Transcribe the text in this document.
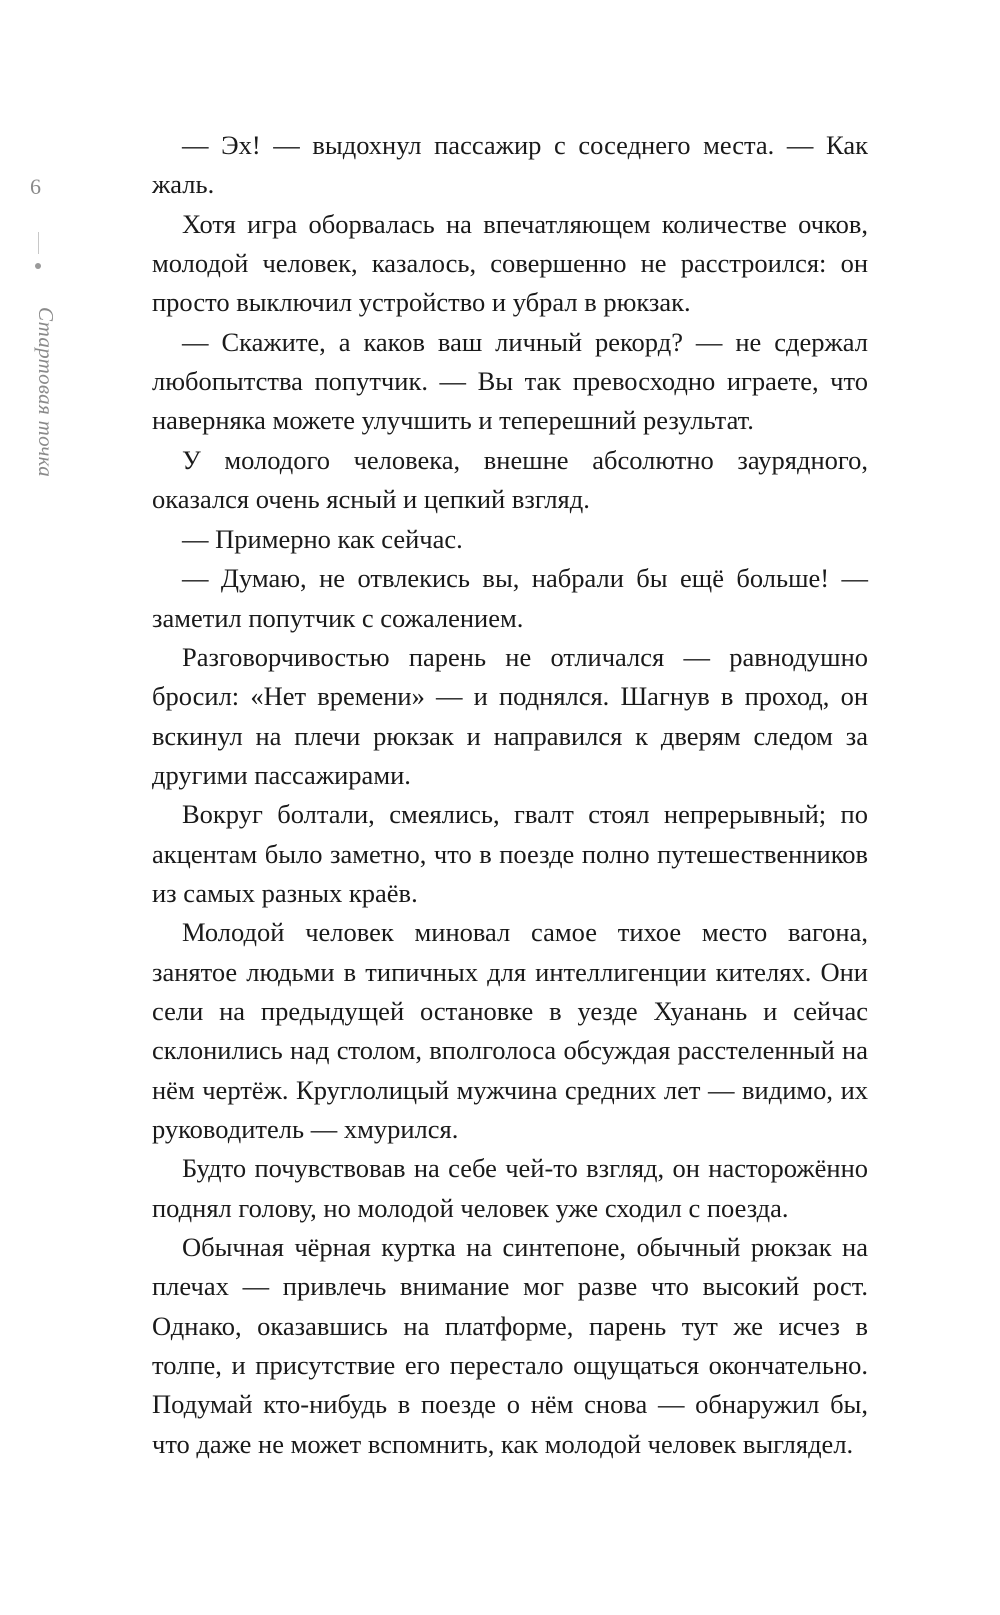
6
Стартовая точка

— Эх! — выдохнул пассажир с соседнего места. — Как жаль.

Хотя игра оборвалась на впечатляющем количестве очков, молодой человек, казалось, совершенно не расстроился: он просто выключил устройство и убрал в рюкзак.

— Скажите, а каков ваш личный рекорд? — не сдержал любопытства попутчик. — Вы так превосходно играете, что наверняка можете улучшить и теперешний результат.

У молодого человека, внешне абсолютно заурядного, оказался очень ясный и цепкий взгляд.

— Примерно как сейчас.

— Думаю, не отвлекись вы, набрали бы ещё больше! — заметил попутчик с сожалением.

Разговорчивостью парень не отличался — равнодушно бросил: «Нет времени» — и поднялся. Шагнув в проход, он вскинул на плечи рюкзак и направился к дверям следом за другими пассажирами.

Вокруг болтали, смеялись, гвалт стоял непрерывный; по акцентам было заметно, что в поезде полно путешественников из самых разных краёв.

Молодой человек миновал самое тихое место вагона, занятое людьми в типичных для интеллигенции кителях. Они сели на предыдущей остановке в уезде Хуанань и сейчас склонились над столом, вполголоса обсуждая расстеленный на нём чертёж. Круглолицый мужчина средних лет — видимо, их руководитель — хмурился.

Будто почувствовав на себе чей-то взгляд, он насторожённо поднял голову, но молодой человек уже сходил с поезда.

Обычная чёрная куртка на синтепоне, обычный рюкзак на плечах — привлечь внимание мог разве что высокий рост. Однако, оказавшись на платформе, парень тут же исчез в толпе, и присутствие его перестало ощущаться окончательно. Подумай кто-нибудь в поезде о нём снова — обнаружил бы, что даже не может вспомнить, как молодой человек выглядел.
